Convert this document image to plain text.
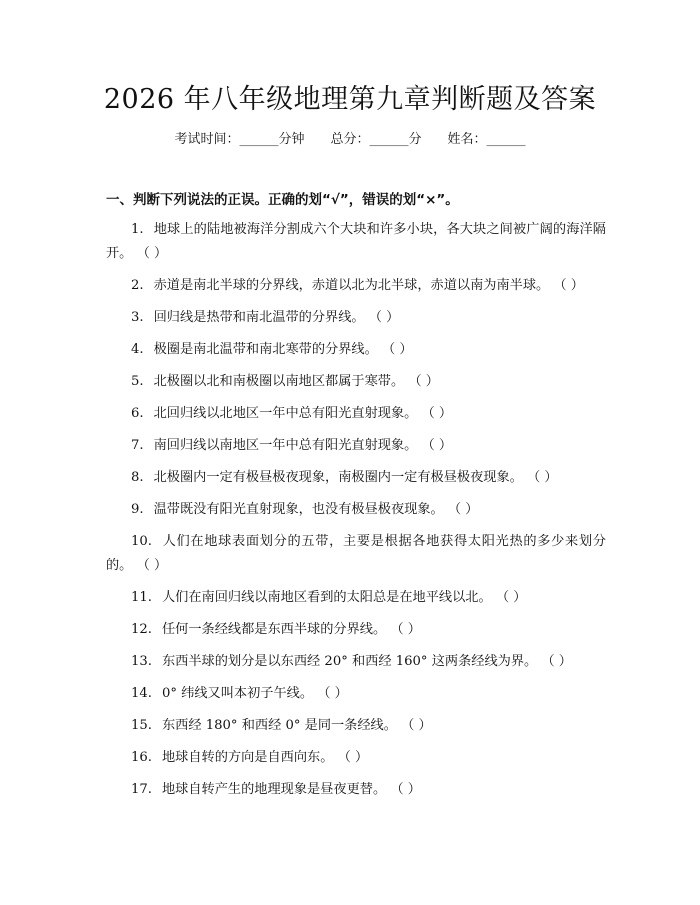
2026 年八年级地理第九章判断题及答案
考试时间：______分钟 总分：______分 姓名：______
一、判断下列说法的正误。正确的划“√”，错误的划“×”。
1. 地球上的陆地被海洋分割成六个大块和许多小块，各大块之间被广阔的海洋隔开。 （ ）
2. 赤道是南北半球的分界线，赤道以北为北半球，赤道以南为南半球。 （ ）
3. 回归线是热带和南北温带的分界线。 （ ）
4. 极圈是南北温带和南北寒带的分界线。 （ ）
5. 北极圈以北和南极圈以南地区都属于寒带。 （ ）
6. 北回归线以北地区一年中总有阳光直射现象。 （ ）
7. 南回归线以南地区一年中总有阳光直射现象。 （ ）
8. 北极圈内一定有极昼极夜现象，南极圈内一定有极昼极夜现象。 （ ）
9. 温带既没有阳光直射现象，也没有极昼极夜现象。 （ ）
10. 人们在地球表面划分的五带，主要是根据各地获得太阳光热的多少来划分的。 （ ）
11. 人们在南回归线以南地区看到的太阳总是在地平线以北。 （ ）
12. 任何一条经线都是东西半球的分界线。 （ ）
13. 东西半球的划分是以东西经 20° 和西经 160° 这两条经线为界。 （ ）
14. 0° 纬线又叫本初子午线。 （ ）
15. 东西经 180° 和西经 0° 是同一条经线。 （ ）
16. 地球自转的方向是自西向东。 （ ）
17. 地球自转产生的地理现象是昼夜更替。 （ ）
